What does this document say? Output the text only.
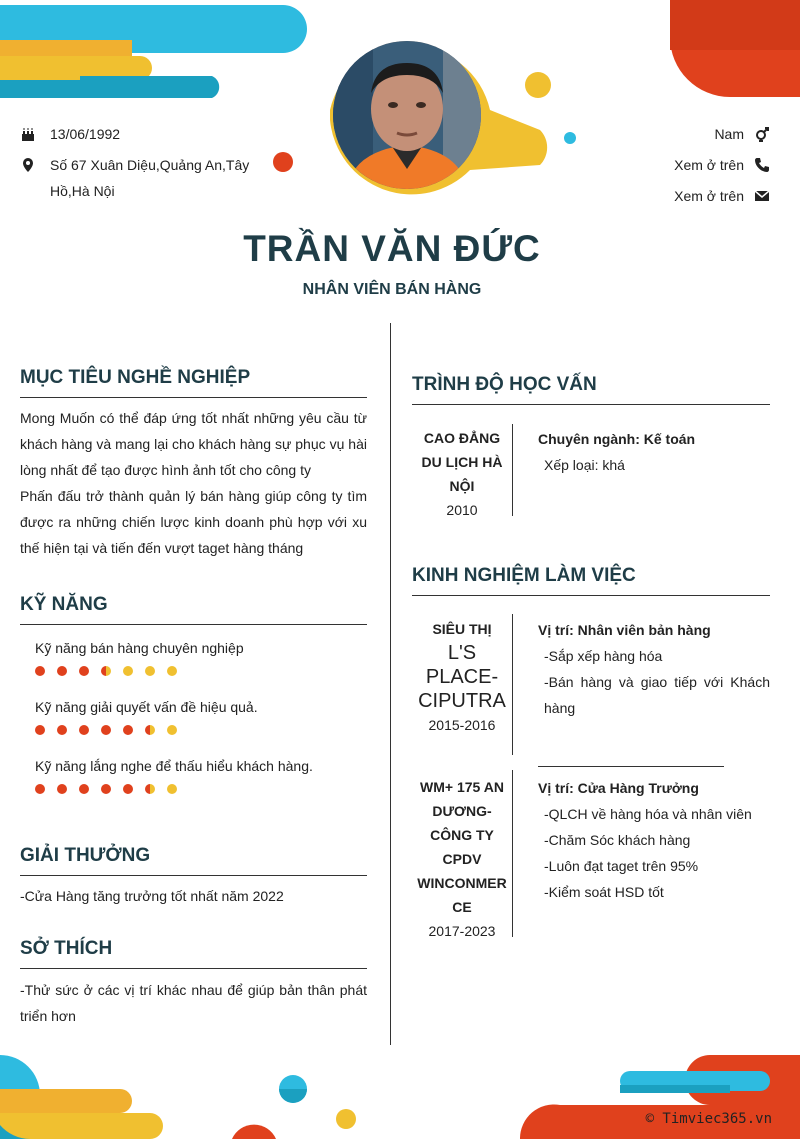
13/06/1992
Số 67 Xuân Diệu,Quảng An,Tây Hồ,Hà Nội
Nam
Xem ở trên
Xem ở trên
TRẦN VĂN ĐỨC
NHÂN VIÊN BÁN HÀNG
MỤC TIÊU NGHỀ NGHIỆP
Mong Muốn có thể đáp ứng tốt nhất những yêu cầu từ khách hàng và mang lại cho khách hàng sự phục vụ hài lòng nhất để tạo được hình ảnh tốt cho công ty
Phấn đấu trở thành quản lý bán hàng giúp công ty tìm được ra những chiến lược kinh doanh phù hợp với xu thế hiện tại và tiến đến vượt taget hàng tháng
KỸ NĂNG
Kỹ năng bán hàng chuyên nghiệp
Kỹ năng giải quyết vấn đề hiệu quả.
Kỹ năng lắng nghe để thấu hiểu khách hàng.
GIẢI THƯỞNG
-Cửa Hàng tăng trưởng tốt nhất năm 2022
SỞ THÍCH
-Thử sức ở các vị trí khác nhau để giúp bản thân phát triển hơn
TRÌNH ĐỘ HỌC VẤN
CAO ĐẲNG DU LỊCH HÀ NỘI
2010
Chuyên ngành: Kế toán
Xếp loại: khá
KINH NGHIỆM LÀM VIỆC
SIÊU THỊ
L'S PLACE-CIPUTRA
2015-2016
Vị trí: Nhân viên bản hàng
-Sắp xếp hàng hóa
-Bán hàng và giao tiếp với Khách hàng
WM+ 175 AN DƯƠNG-CÔNG TY CPDV WINCONMER CE
2017-2023
Vị trí: Cửa Hàng Trưởng
-QLCH về hàng hóa và nhân viên
-Chăm Sóc khách hàng
-Luôn đạt taget trên 95%
-Kiểm soát HSD tốt
© Timviec365.vn
